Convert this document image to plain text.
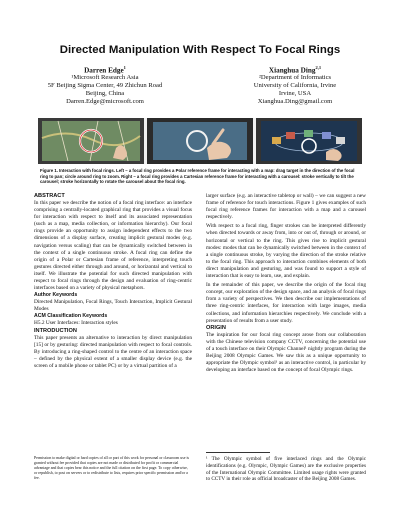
Directed Manipulation With Respect To Focal Rings
Darren Edge$^1$
¹Microsoft Research Asia
5F Beijing Sigma Center, 49 Zhichun Road
Beijing, China
Darren.Edge@microsoft.com
Xianghua Ding$^{2,1}$
²Department of Informatics
University of California, Irvine
Irvine, USA
Xianghua.Ding@gmail.com
Figure 1. Interaction with focal rings. Left – a focal ring provides a Polar reference frame for interacting with a map: drag target in the direction of the focal ring to pan; circle around ring to zoom. Right – a focal ring provides a Cartesian reference frame for interacting with a carousel: stroke vertically to tilt the carousel; stroke horizontally to rotate the carousel about the focal ring.
ABSTRACT

In this paper we describe the notion of a focal ring interface: an interface comprising a centrally-located graphical ring that provides a visual focus for interaction with respect to itself and its associated representation (such as a map, media collection, or information hierarchy). Our focal rings provide an opportunity to assign independent effects to the two dimensions of a display surface, creating implicit gestural modes (e.g. navigation versus scaling) that can be dynamically switched between in the context of a single continuous stroke. A focal ring can define the origin of a Polar or Cartesian frame of reference, interpreting touch gestures directed either through and around, or horizontal and vertical to itself. We illustrate the potential for such directed manipulation with respect to focal rings through the design and evaluation of ring-centric interfaces based on a variety of physical metaphors.

Author Keywords

Directed Manipulation, Focal Rings, Touch Interaction, Implicit Gestural Modes

ACM Classification Keywords

H5.2 User Interfaces: Interaction styles

INTRODUCTION

This paper presents an alternative to interaction by direct manipulation [15] or by gesturing: directed manipulation with respect to focal controls. By introducing a ring-shaped control to the centre of an interaction space – defined by the physical extent of a smaller display device (e.g. the screen of a mobile phone or tablet PC) or by a virtual partition of a

Permission to make digital or hard copies of all or part of this work for personal or classroom use is granted without fee provided that copies are not made or distributed for profit or commercial advantage and that copies bear this notice and the full citation on the first page. To copy otherwise, or republish, to post on servers or to redistribute to lists, requires prior specific permission and/or a fee.

larger surface (e.g. an interactive tabletop or wall) – we can suggest a new frame of reference for touch interactions. Figure 1 gives examples of such focal ring reference frames for interaction with a map and a carousel respectively.

With respect to a focal ring, finger strokes can be interpreted differently when directed towards or away from, into or out of, through or around, or horizontal or vertical to the ring. This gives rise to implicit gestural modes: modes that can be dynamically switched between in the context of a single continuous stroke, by varying the direction of the stroke relative to the focal ring. This approach to interaction combines elements of both direct manipulation and gesturing, and was found to support a style of interaction that is easy to learn, use, and explain.

In the remainder of this paper, we describe the origin of the focal ring concept, our exploration of the design space, and an analysis of focal rings from a variety of perspectives. We then describe our implementations of three ring-centric interfaces, for interaction with large images, media collections, and information hierarchies respectively. We conclude with a presentation of results from a user study.

ORIGIN

The inspiration for our focal ring concept arose from our collaboration with the Chinese television company CCTV, concerning the potential use of a touch interface on their Olympic Channel¹ nightly program during the Beijing 2008 Olympic Games. We saw this as a unique opportunity to appropriate the Olympic symbol¹ as an interactive control, in particular by developing an interface based on the concept of focal Olympic rings.

¹ The Olympic symbol of five interlaced rings and the Olympic identifications (e.g. Olympic, Olympic Games) are the exclusive properties of the International Olympic Committee. Limited usage rights were granted to CCTV in their role as official broadcaster of the Beijing 2008 Games.
